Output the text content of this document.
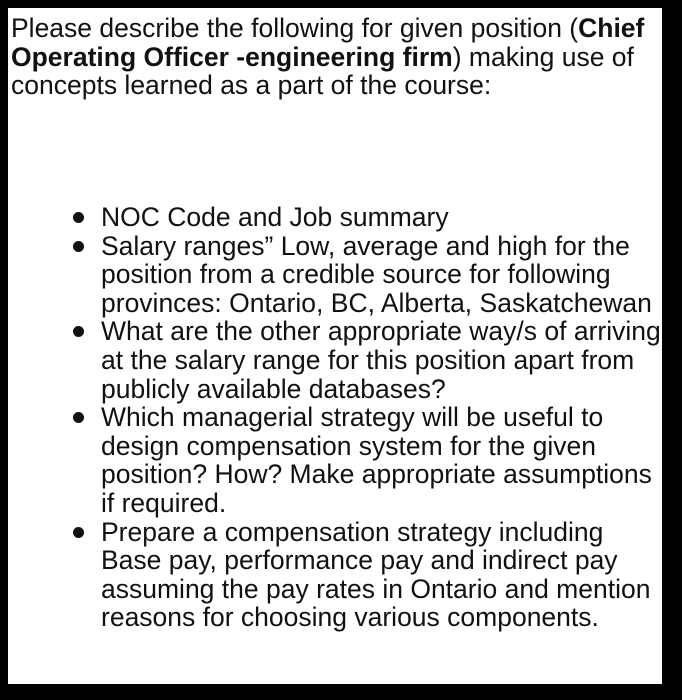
Please describe the following for given position (Chief Operating Officer -engineering firm) making use of concepts learned as a part of the course:

NOC Code and Job summary
Salary ranges” Low, average and high for the position from a credible source for following provinces: Ontario, BC, Alberta, Saskatchewan
What are the other appropriate way/s of arriving at the salary range for this position apart from publicly available databases?
Which managerial strategy will be useful to design compensation system for the given position? How? Make appropriate assumptions if required.
Prepare a compensation strategy including Base pay, performance pay and indirect pay assuming the pay rates in Ontario and mention reasons for choosing various components.
